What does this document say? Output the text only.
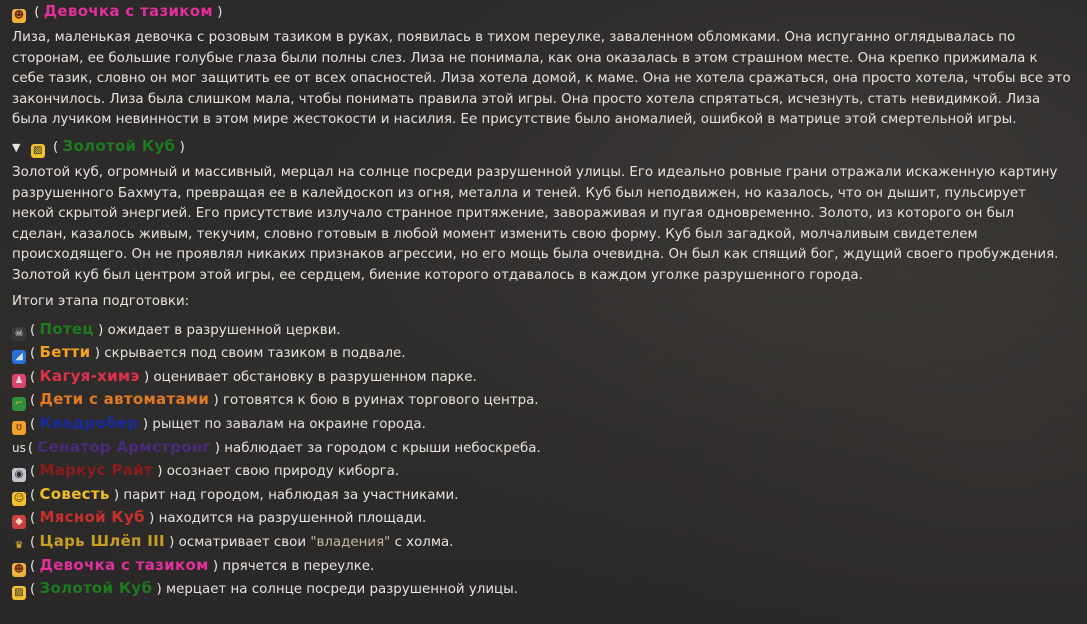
☻ ( Девочка с тазиком )
Лиза, маленькая девочка с розовым тазиком в руках, появилась в тихом переулке, заваленном обломками. Она испуганно оглядывалась по сторонам, ее большие голубые глаза были полны слез. Лиза не понимала, как она оказалась в этом страшном месте. Она крепко прижимала к себе тазик, словно он мог защитить ее от всех опасностей. Лиза хотела домой, к маме. Она не хотела сражаться, она просто хотела, чтобы все это закончилось. Лиза была слишком мала, чтобы понимать правила этой игры. Она просто хотела спрятаться, исчезнуть, стать невидимкой. Лиза была лучиком невинности в этом мире жестокости и насилия. Ее присутствие было аномалией, ошибкой в матрице этой смертельной игры.
▼ ▨ ( Золотой Куб )
Золотой куб, огромный и массивный, мерцал на солнце посреди разрушенной улицы. Его идеально ровные грани отражали искаженную картину разрушенного Бахмута, превращая ее в калейдоскоп из огня, металла и теней. Куб был неподвижен, но казалось, что он дышит, пульсирует некой скрытой энергией. Его присутствие излучало странное притяжение, завораживая и пугая одновременно. Золото, из которого он был сделан, казалось живым, текучим, словно готовым в любой момент изменить свою форму. Куб был загадкой, молчаливым свидетелем происходящего. Он не проявлял никаких признаков агрессии, но его мощь была очевидна. Он был как спящий бог, ждущий своего пробуждения. Золотой куб был центром этой игры, ее сердцем, биение которого отдавалось в каждом уголке разрушенного города.
Итоги этапа подготовки:
☠ ( Потец ) ожидает в разрушенной церкви.
◢ ( Бетти ) скрывается под своим тазиком в подвале.
♟ ( Кагуя-химэ ) оценивает обстановку в разрушенном парке.
⌐ ( Дети с автоматами ) готовятся к бою в руинах торгового центра.
ʊ ( Квадробер ) рыщет по завалам на окраине города.
us ( Сенатор Армстронг ) наблюдает за городом с крыши небоскреба.
◉ ( Маркус Райт ) осознает свою природу киборга.
☺ ( Совесть ) парит над городом, наблюдая за участниками.
◆ ( Мясной Куб ) находится на разрушенной площади.
♛ ( Царь Шлёп III ) осматривает свои "владения" с холма.
☻ ( Девочка с тазиком ) прячется в переулке.
▨ ( Золотой Куб ) мерцает на солнце посреди разрушенной улицы.
